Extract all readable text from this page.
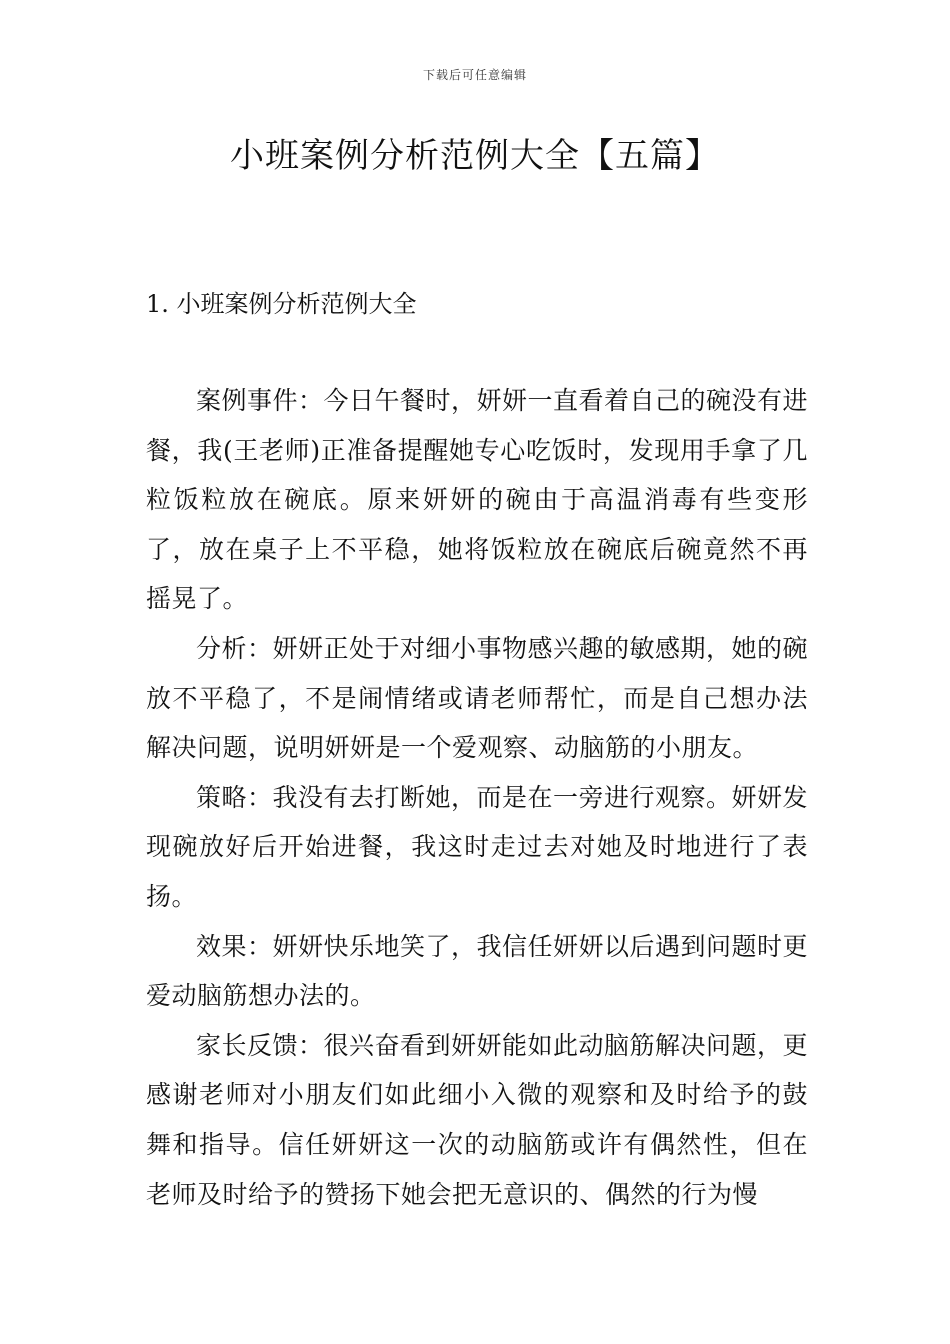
下载后可任意编辑
小班案例分析范例大全【五篇】
1. 小班案例分析范例大全

案例事件：今日午餐时，妍妍一直看着自己的碗没有进餐，我(王老师)正准备提醒她专心吃饭时，发现用手拿了几粒饭粒放在碗底。原来妍妍的碗由于高温消毒有些变形了，放在桌子上不平稳，她将饭粒放在碗底后碗竟然不再摇晃了。

分析：妍妍正处于对细小事物感兴趣的敏感期，她的碗放不平稳了，不是闹情绪或请老师帮忙，而是自己想办法解决问题，说明妍妍是一个爱观察、动脑筋的小朋友。

策略：我没有去打断她，而是在一旁进行观察。妍妍发现碗放好后开始进餐，我这时走过去对她及时地进行了表扬。

效果：妍妍快乐地笑了，我信任妍妍以后遇到问题时更爱动脑筋想办法的。

家长反馈：很兴奋看到妍妍能如此动脑筋解决问题，更感谢老师对小朋友们如此细小入微的观察和及时给予的鼓舞和指导。信任妍妍这一次的动脑筋或许有偶然性，但在老师及时给予的赞扬下她会把无意识的、偶然的行为慢
